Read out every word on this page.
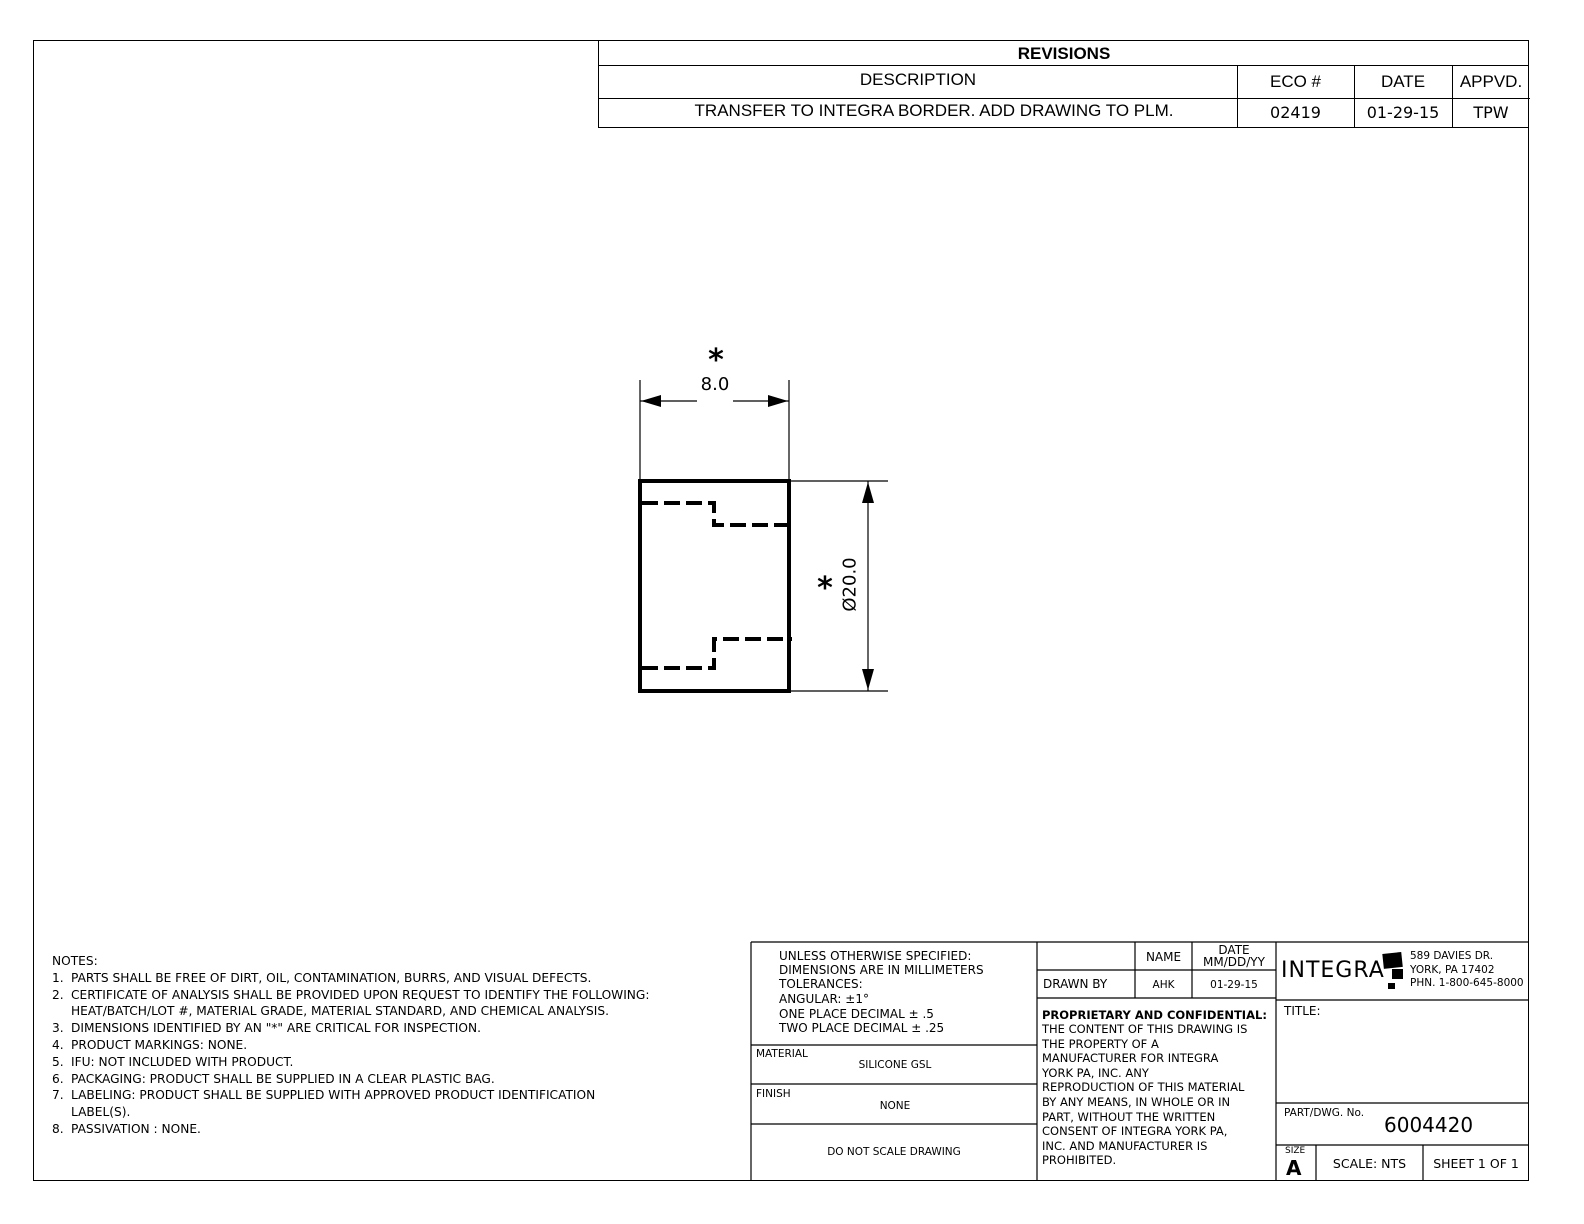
REVISIONS
DESCRIPTION	ECO #	DATE	APPVD.
TRANSFER TO INTEGRA BORDER. ADD DRAWING TO PLM.	02419	01-29-15	TPW
*
8.0
* Ø20.0
NOTES:
1. PARTS SHALL BE FREE OF DIRT, OIL, CONTAMINATION, BURRS, AND VISUAL DEFECTS.
2. CERTIFICATE OF ANALYSIS SHALL BE PROVIDED UPON REQUEST TO IDENTIFY THE FOLLOWING: HEAT/BATCH/LOT #, MATERIAL GRADE, MATERIAL STANDARD, AND CHEMICAL ANALYSIS.
3. DIMENSIONS IDENTIFIED BY AN "*" ARE CRITICAL FOR INSPECTION.
4. PRODUCT MARKINGS: NONE.
5. IFU: NOT INCLUDED WITH PRODUCT.
6. PACKAGING: PRODUCT SHALL BE SUPPLIED IN A CLEAR PLASTIC BAG.
7. LABELING: PRODUCT SHALL BE SUPPLIED WITH APPROVED PRODUCT IDENTIFICATION LABEL(S).
8. PASSIVATION : NONE.
UNLESS OTHERWISE SPECIFIED:
DIMENSIONS ARE IN MILLIMETERS
TOLERANCES:
ANGULAR: ±1°
ONE PLACE DECIMAL ± .5
TWO PLACE DECIMAL ± .25
MATERIAL
SILICONE GSL
FINISH
NONE
DO NOT SCALE DRAWING
NAME	DATE
MM/DD/YY
DRAWN BY	AHK	01-29-15
PROPRIETARY AND CONFIDENTIAL:
THE CONTENT OF THIS DRAWING IS
THE PROPERTY OF A
MANUFACTURER FOR INTEGRA
YORK PA, INC. ANY
REPRODUCTION OF THIS MATERIAL
BY ANY MEANS, IN WHOLE OR IN
PART, WITHOUT THE WRITTEN
CONSENT OF INTEGRA YORK PA,
INC. AND MANUFACTURER IS
PROHIBITED.
INTEGRA
589 DAVIES DR.
YORK, PA 17402
PHN. 1-800-645-8000
TITLE:
PART/DWG. No. 6004420
SIZE
A	SCALE: NTS	SHEET 1 OF 1
